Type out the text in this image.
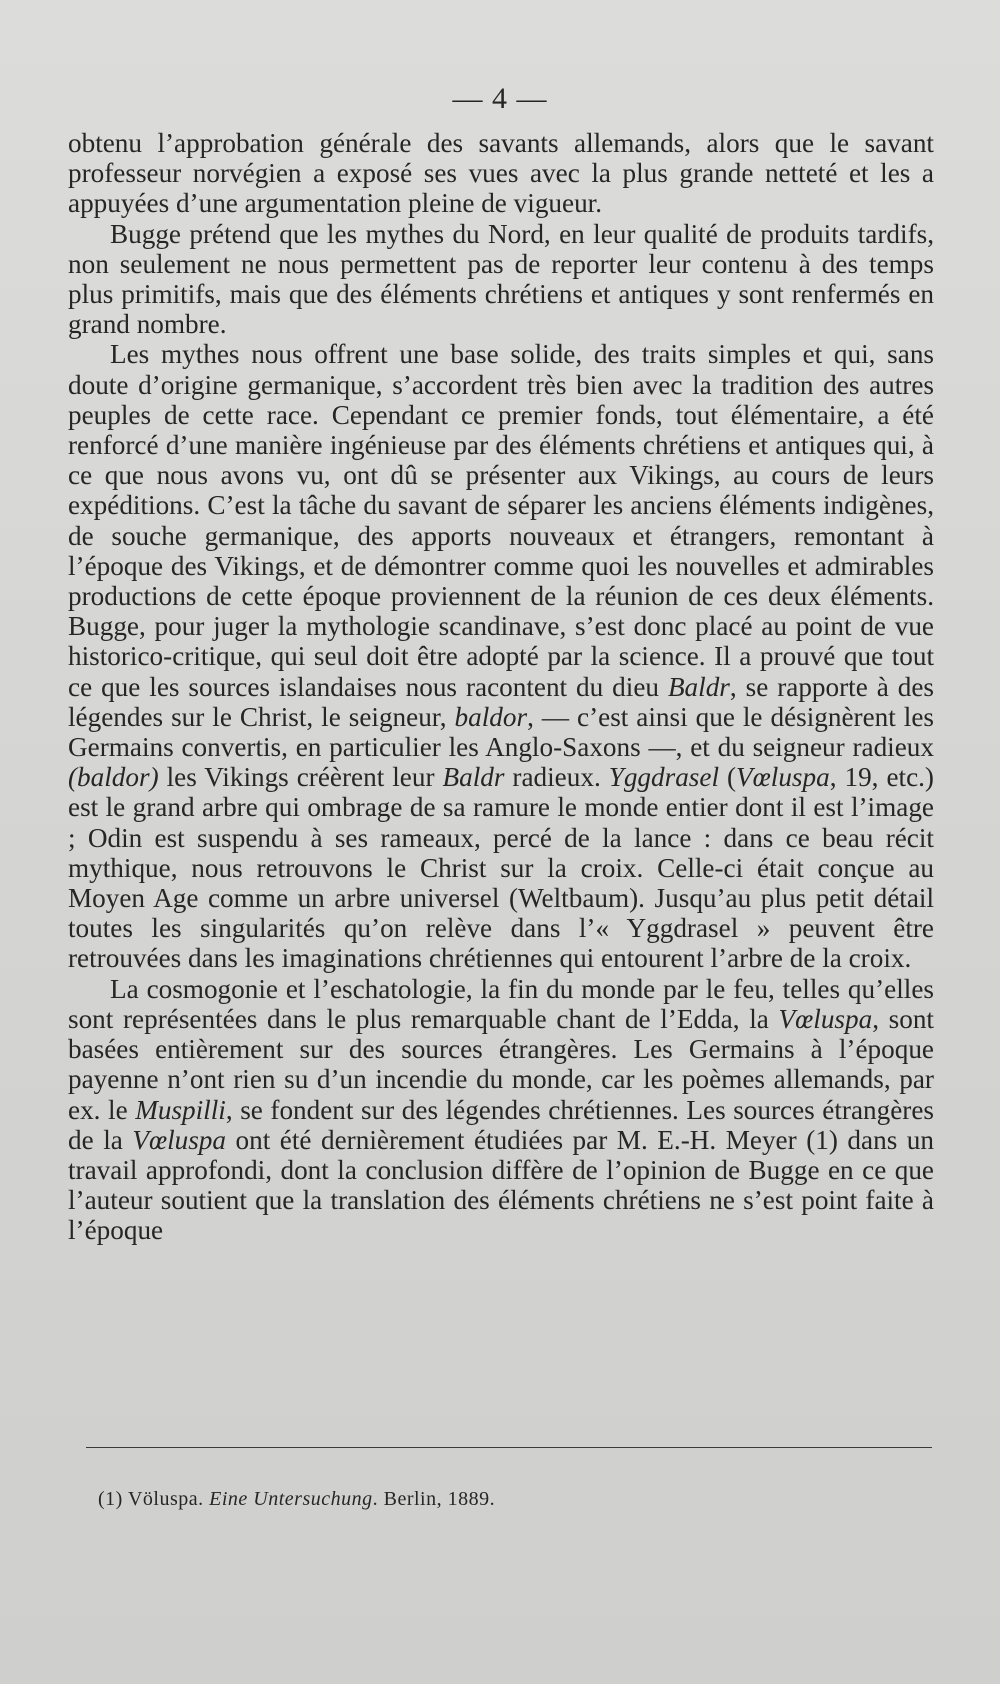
— 4 —

obtenu l’approbation générale des savants allemands, alors que le savant professeur norvégien a exposé ses vues avec la plus grande netteté et les a appuyées d’une argumentation pleine de vigueur.

Bugge prétend que les mythes du Nord, en leur qualité de produits tardifs, non seulement ne nous permettent pas de reporter leur contenu à des temps plus primitifs, mais que des éléments chrétiens et antiques y sont renfermés en grand nombre.

Les mythes nous offrent une base solide, des traits simples et qui, sans doute d’origine germanique, s’accordent très bien avec la tradition des autres peuples de cette race. Cependant ce premier fonds, tout élémentaire, a été renforcé d’une manière ingénieuse par des éléments chrétiens et antiques qui, à ce que nous avons vu, ont dû se présenter aux Vikings, au cours de leurs expéditions. C’est la tâche du savant de séparer les anciens éléments indigènes, de souche germanique, des apports nouveaux et étrangers, remontant à l’époque des Vikings, et de démontrer comme quoi les nouvelles et admirables productions de cette époque proviennent de la réunion de ces deux éléments. Bugge, pour juger la mythologie scandinave, s’est donc placé au point de vue historico-critique, qui seul doit être adopté par la science. Il a prouvé que tout ce que les sources islandaises nous racontent du dieu Baldr, se rapporte à des légendes sur le Christ, le seigneur, baldor, — c’est ainsi que le désignèrent les Germains convertis, en particulier les Anglo-Saxons —, et du seigneur radieux (baldor) les Vikings créèrent leur Baldr radieux. Yggdrasel (Vœluspa, 19, etc.) est le grand arbre qui ombrage de sa ramure le monde entier dont il est l’image ; Odin est suspendu à ses rameaux, percé de la lance : dans ce beau récit mythique, nous retrouvons le Christ sur la croix. Celle-ci était conçue au Moyen Age comme un arbre universel (Weltbaum). Jusqu’au plus petit détail toutes les singularités qu’on relève dans l’« Yggdrasel » peuvent être retrouvées dans les imaginations chrétiennes qui entourent l’arbre de la croix.

La cosmogonie et l’eschatologie, la fin du monde par le feu, telles qu’elles sont représentées dans le plus remarquable chant de l’Edda, la Vœluspa, sont basées entièrement sur des sources étrangères. Les Germains à l’époque payenne n’ont rien su d’un incendie du monde, car les poèmes allemands, par ex. le Muspilli, se fondent sur des légendes chrétiennes. Les sources étrangères de la Vœluspa ont été dernièrement étudiées par M. E.-H. Meyer (1) dans un travail approfondi, dont la conclusion diffère de l’opinion de Bugge en ce que l’auteur soutient que la translation des éléments chrétiens ne s’est point faite à l’époque

(1) Völuspa. Eine Untersuchung. Berlin, 1889.
